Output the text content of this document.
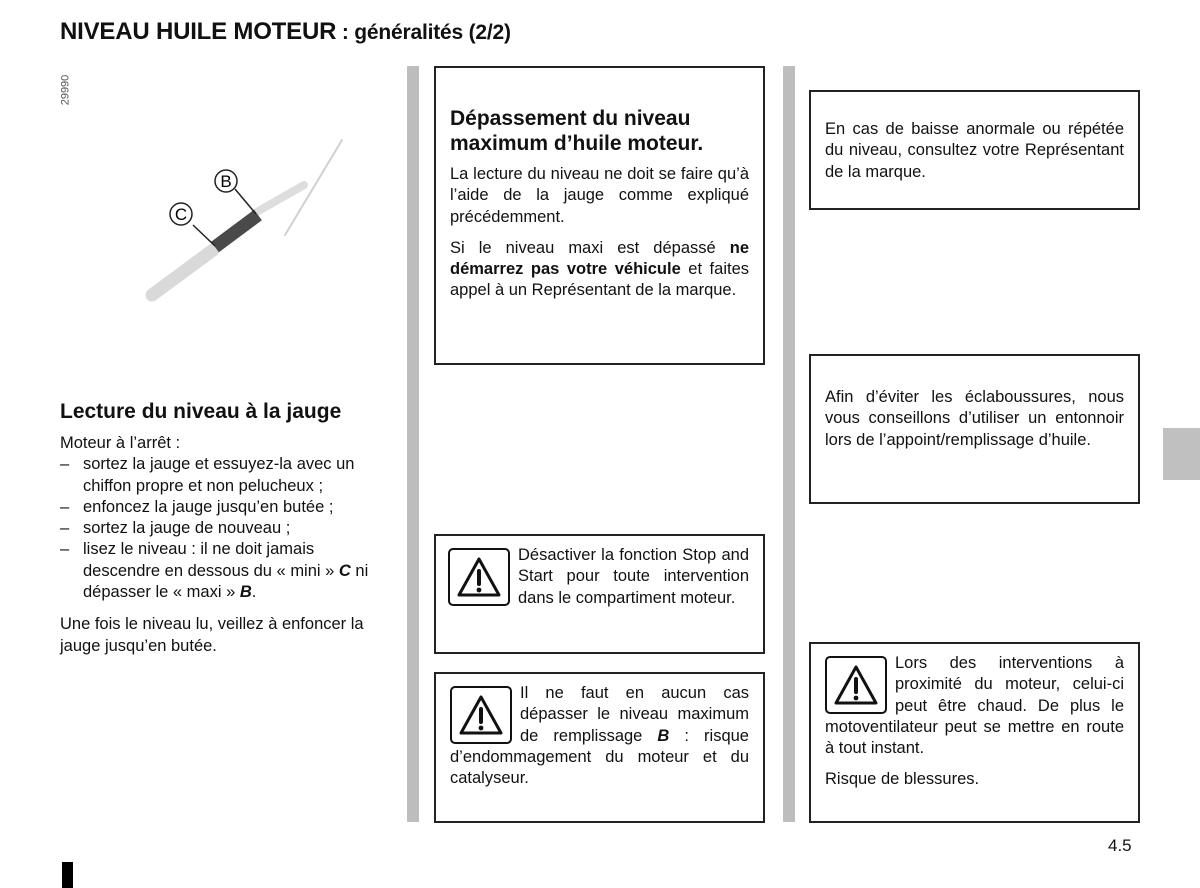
NIVEAU HUILE MOTEUR : généralités (2/2)
29990
B
C
Lecture du niveau à la jauge

Moteur à l’arrêt :

– sortez la jauge et essuyez-la avec un chiffon propre et non pelucheux ;
– enfoncez la jauge jusqu’en butée ;
– sortez la jauge de nouveau ;
– lisez le niveau : il ne doit jamais descendre en dessous du « mini » C ni dépasser le « maxi » B.

Une fois le niveau lu, veillez à enfoncer la jauge jusqu’en butée.

Dépassement du niveau maximum d’huile moteur.

La lecture du niveau ne doit se faire qu’à l’aide de la jauge comme expliqué précédemment.

Si le niveau maxi est dépassé ne démarrez pas votre véhicule et faites appel à un Représentant de la marque.

En cas de baisse anormale ou répétée du niveau, consultez votre Représentant de la marque.

Afin d’éviter les éclaboussures, nous vous conseillons d’utiliser un entonnoir lors de l’appoint/remplissage d’huile.

Désactiver la fonction Stop and Start pour toute intervention dans le compartiment moteur.

Il ne faut en aucun cas dépasser le niveau maximum de remplissage B : risque d’endommagement du moteur et du catalyseur.

Lors des interventions à proximité du moteur, celui-ci peut être chaud. De plus le motoventilateur peut se mettre en route à tout instant.

Risque de blessures.

4.5
